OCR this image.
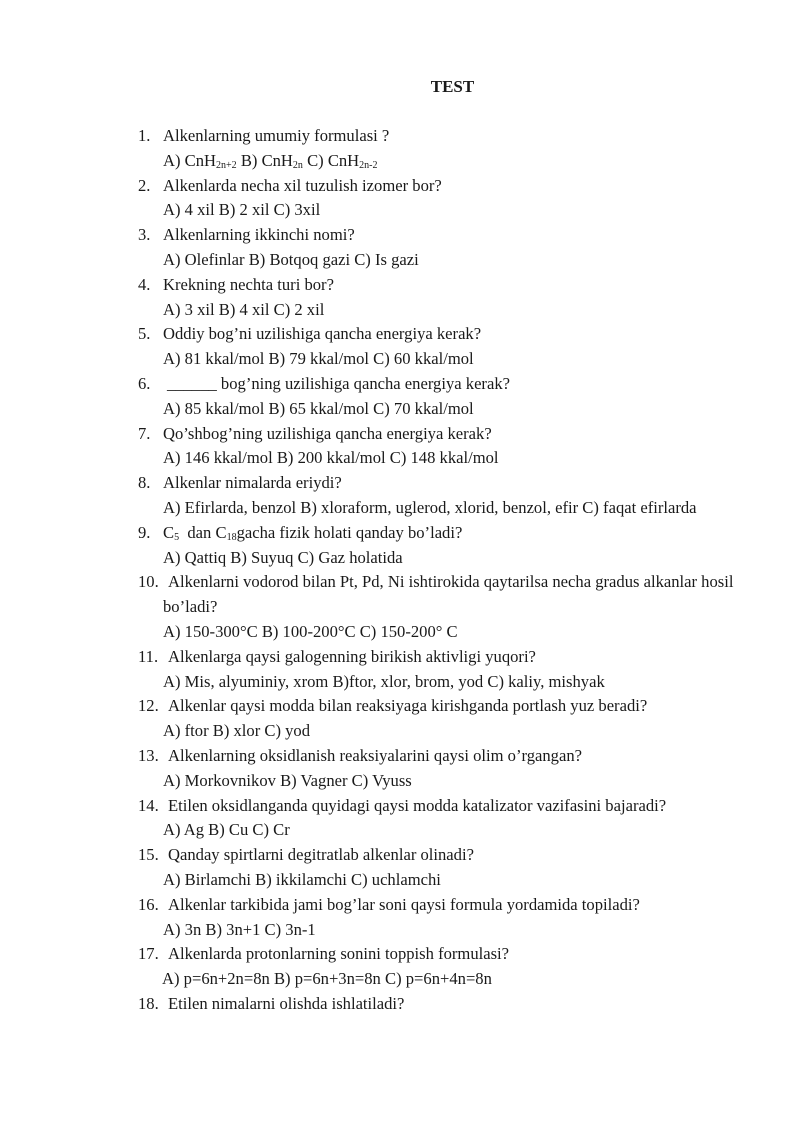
TEST
1. Alkenlarning umumiy formulasi ?
A) CnH$_{2n+2}$ B) CnH$_{2n}$ C) CnH$_{2n-2}$
2. Alkenlarda necha xil tuzulish izomer bor?
A) 4 xil B) 2 xil C) 3xil
3. Alkenlarning ikkinchi nomi?
A) Olefinlar B) Botqoq gazi C) Is gazi
4. Krekning nechta turi bor?
A) 3 xil B) 4 xil C) 2 xil
5. Oddiy bog’ni uzilishiga qancha energiya kerak?
A) 81 kkal/mol B) 79 kkal/mol C) 60 kkal/mol
6. ______ bog’ning uzilishiga qancha energiya kerak?
A) 85 kkal/mol B) 65 kkal/mol C) 70 kkal/mol
7. Qo’shbog’ning uzilishiga qancha energiya kerak?
A) 146 kkal/mol B) 200 kkal/mol C) 148 kkal/mol
8. Alkenlar nimalarda eriydi?
A) Efirlarda, benzol B) xloraform, uglerod, xlorid, benzol, efir C) faqat efirlarda
9. $C_5$  dan $C_{18}gacha$ fizik holati qanday bo’ladi?
A) Qattiq B) Suyuq C) Gaz holatida
10. Alkenlarni vodorod bilan Pt, Pd, Ni ishtirokida qaytarilsa necha gradus alkanlar hosil bo’ladi?
A) 150-300°C B) 100-200°C C) 150-200° C
11. Alkenlarga qaysi galogenning birikish aktivligi yuqori?
A) Mis, alyuminiy, xrom B)ftor, xlor, brom, yod C) kaliy, mishyak
12. Alkenlar qaysi modda bilan reaksiyaga kirishganda portlash yuz beradi?
A) ftor B) xlor C) yod
13. Alkenlarning oksidlanish reaksiyalarini qaysi olim o’rgangan?
A) Morkovnikov B) Vagner C) Vyuss
14. Etilen oksidlanganda quyidagi qaysi modda katalizator vazifasini bajaradi?
A) Ag B) Cu C) Cr
15. Qanday spirtlarni degitratlab alkenlar olinadi?
A) Birlamchi B) ikkilamchi C) uchlamchi
16. Alkenlar tarkibida jami bog’lar soni qaysi formula yordamida topiladi?
A) 3n B) 3n+1 C) 3n-1
17. Alkenlarda protonlarning sonini toppish formulasi?
A) p=6n+2n=8n B) p=6n+3n=8n C) p=6n+4n=8n
18. Etilen nimalarni olishda ishlatiladi?
